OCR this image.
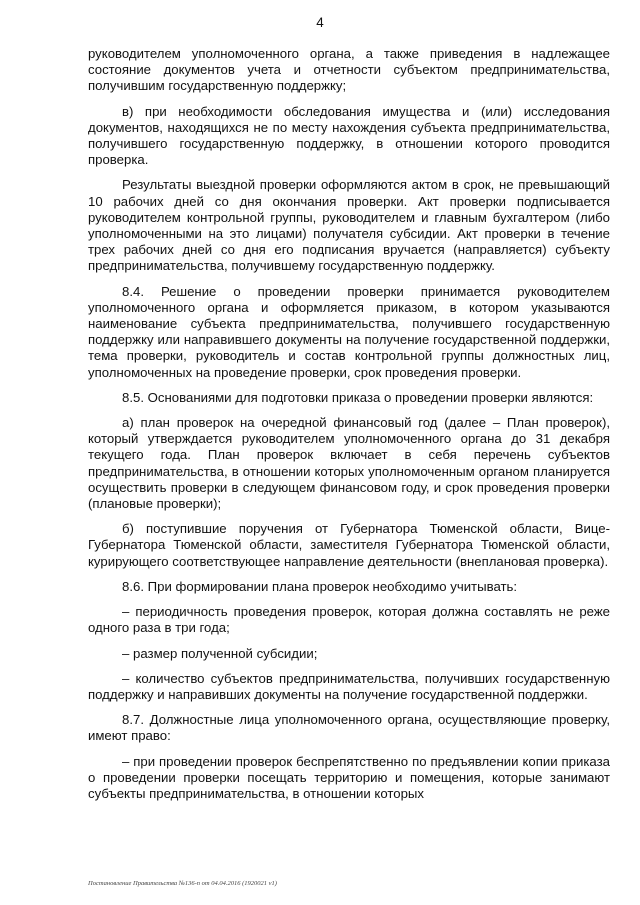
4

руководителем уполномоченного органа, а также приведения в надлежащее состояние документов учета и отчетности субъектом предпринимательства, получившим государственную поддержку;

в) при необходимости обследования имущества и (или) исследования документов, находящихся не по месту нахождения субъекта предпринимательства, получившего государственную поддержку, в отношении которого проводится проверка.

Результаты выездной проверки оформляются актом в срок, не превышающий 10 рабочих дней со дня окончания проверки. Акт проверки подписывается руководителем контрольной группы, руководителем и главным бухгалтером (либо уполномоченными на это лицами) получателя субсидии. Акт проверки в течение трех рабочих дней со дня его подписания вручается (направляется) субъекту предпринимательства, получившему государственную поддержку.

8.4. Решение о проведении проверки принимается руководителем уполномоченного органа и оформляется приказом, в котором указываются наименование субъекта предпринимательства, получившего государственную поддержку или направившего документы на получение государственной поддержки, тема проверки, руководитель и состав контрольной группы должностных лиц, уполномоченных на проведение проверки, срок проведения проверки.

8.5. Основаниями для подготовки приказа о проведении проверки являются:

а) план проверок на очередной финансовый год (далее – План проверок), который утверждается руководителем уполномоченного органа до 31 декабря текущего года. План проверок включает в себя перечень субъектов предпринимательства, в отношении которых уполномоченным органом планируется осуществить проверки в следующем финансовом году, и срок проведения проверки (плановые проверки);

б) поступившие поручения от Губернатора Тюменской области, Вице-Губернатора Тюменской области, заместителя Губернатора Тюменской области, курирующего соответствующее направление деятельности (внеплановая проверка).

8.6. При формировании плана проверок необходимо учитывать:

– периодичность проведения проверок, которая должна составлять не реже одного раза в три года;

– размер полученной субсидии;

– количество субъектов предпринимательства, получивших государственную поддержку и направивших документы на получение государственной поддержки.

8.7. Должностные лица уполномоченного органа, осуществляющие проверку, имеют право:

– при проведении проверок беспрепятственно по предъявлении копии приказа о проведении проверки посещать территорию и помещения, которые занимают субъекты предпринимательства, в отношении которых

Постановление Правительства №136-п от 04.04.2016 (1920021 v1)
